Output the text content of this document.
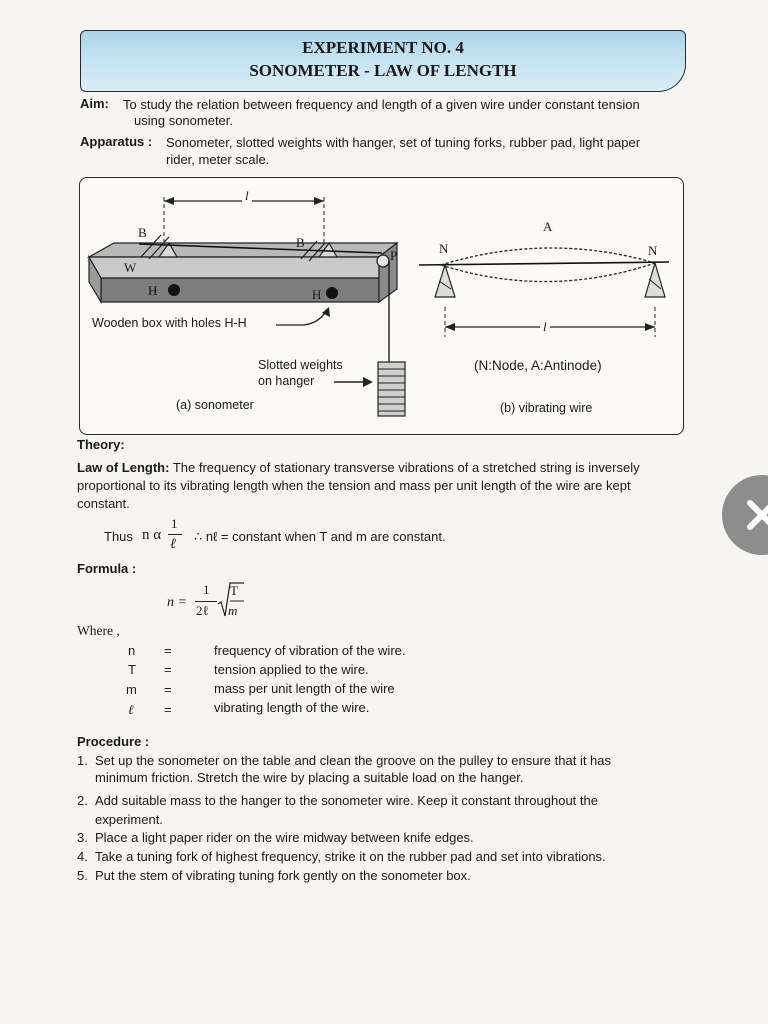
EXPERIMENT NO. 4
SONOMETER - LAW OF LENGTH
Aim: To study the relation between frequency and length of a given wire under constant tension
using sonometer.
Apparatus : Sonometer, slotted weights with hanger, set of tuning forks, rubber pad, light paper
rider, meter scale.
l
B
B
W
H	H
P
Wooden box with holes H-H
Slotted weights
on hanger
(a) sonometer
A
N	N
l
(N:Node, A:Antinode)
(b) vibrating wire
Theory:
Law of Length: The frequency of stationary transverse vibrations of a stretched string is inversely
proportional to its vibrating length when the tension and mass per unit length of the wire are kept
constant.
Thus n α
1
ℓ
∴ nℓ = constant when T and m are constant.
Formula :
n =
1
2ℓ
T
m
Where ,
n =	frequency of vibration of the wire.
T =	tension applied to the wire.
m =	mass per unit length of the wire
ℓ =	vibrating length of the wire.
Procedure :
1. Set up the sonometer on the table and clean the groove on the pulley to ensure that it has
minimum friction. Stretch the wire by placing a suitable load on the hanger.
2. Add suitable mass to the hanger to the sonometer wire. Keep it constant throughout the
experiment.
3. Place a light paper rider on the wire midway between knife edges.
4. Take a tuning fork of highest frequency, strike it on the rubber pad and set into vibrations.
5. Put the stem of vibrating tuning fork gently on the sonometer box.
